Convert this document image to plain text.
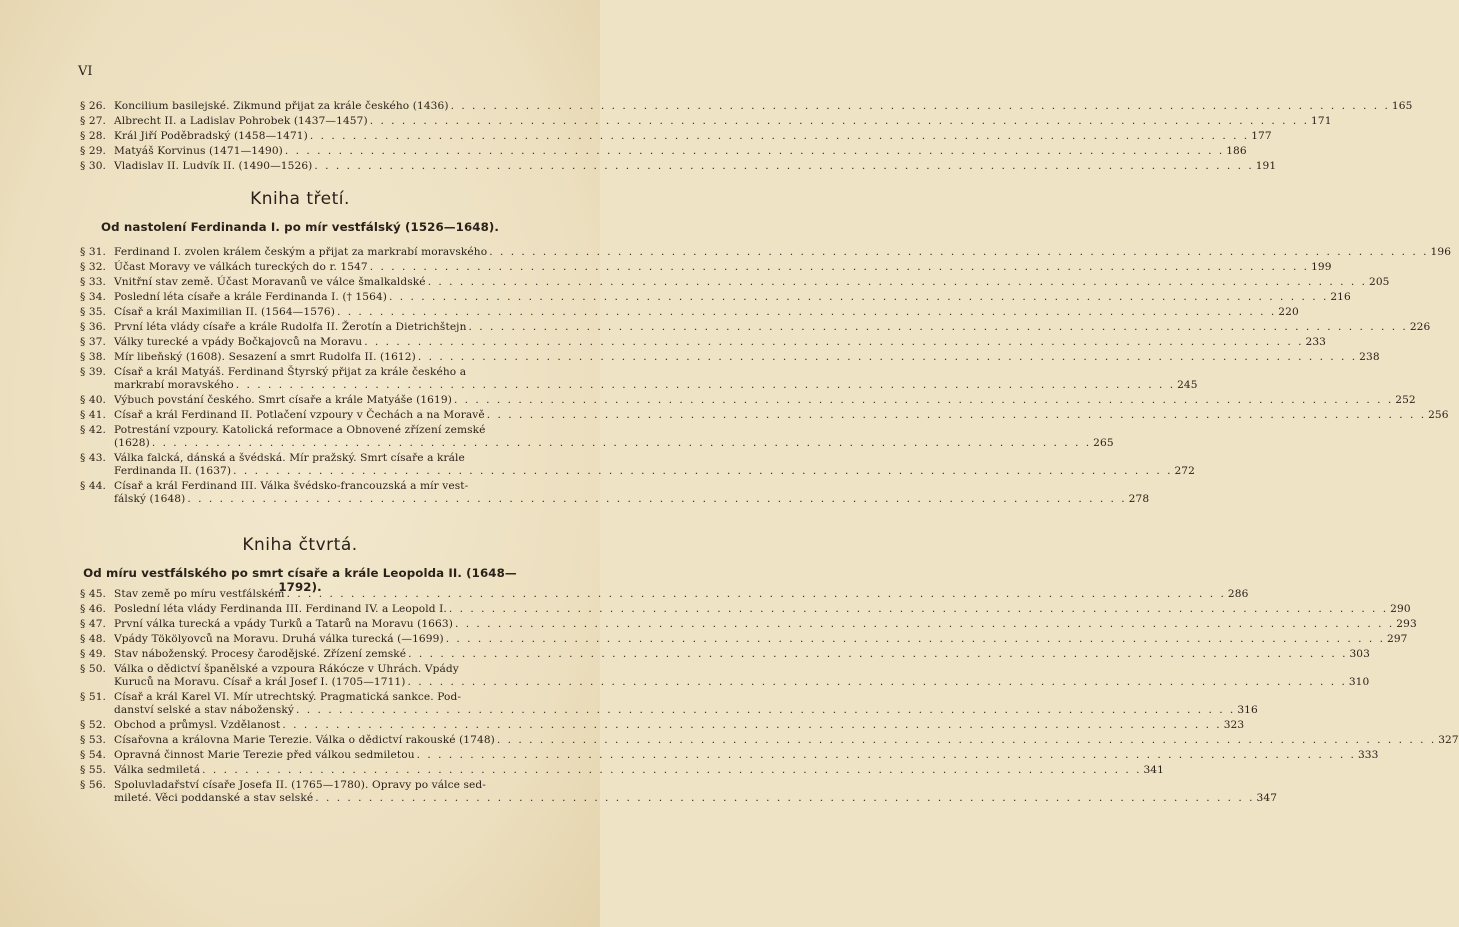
VI
§ 26. Koncilium basilejské. Zikmund přijat za krále českého (1436) . . .	165
§ 27. Albrecht II. a Ladislav Pohrobek (1437—1457) . . .	171
§ 28. Král Jiří Poděbradský (1458—1471) . . .	177
§ 29. Matyáš Korvinus (1471—1490) . . .	186
§ 30. Vladislav II. Ludvík II. (1490—1526) . . .	191
Kniha třetí.
Od nastolení Ferdinanda I. po mír vestfálský (1526—1648).
§ 31. Ferdinand I. zvolen králem českým a přijat za markrabí moravského . . .	196
§ 32. Účast Moravy ve válkách tureckých do r. 1547 . . .	199
§ 33. Vnitřní stav země. Účast Moravanů ve válce šmalkaldské . . .	205
§ 34. Poslední léta císaře a krále Ferdinanda I. († 1564) . . .	216
§ 35. Císař a král Maximilian II. (1564—1576) . . .	220
§ 36. První léta vlády císaře a krále Rudolfa II. Žerotín a Dietrichštejn . . .	226
§ 37. Války turecké a vpády Bočkajovců na Moravu . . .	233
§ 38. Mír libeňský (1608). Sesazení a smrt Rudolfa II. (1612) . . .	238
§ 39. Císař a král Matyáš. Ferdinand Štyrský přijat za krále českého a
markrabí moravského . . .	245
§ 40. Výbuch povstání českého. Smrt císaře a krále Matyáše (1619) . . .	252
§ 41. Císař a král Ferdinand II. Potlačení vzpoury v Čechách a na Moravě . . .	256
§ 42. Potrestání vzpoury. Katolická reformace a Obnovené zřízení zemské
(1628) . . .	265
§ 43. Válka falcká, dánská a švédská. Mír pražský. Smrt císaře a krále
Ferdinanda II. (1637) . . .	272
§ 44. Císař a král Ferdinand III. Válka švédsko-francouzská a mír vest-
fálský (1648) . . .	278
Kniha čtvrtá.
Od míru vestfálského po smrt císaře a krále Leopolda II. (1648—1792).
§ 45. Stav země po míru vestfálském . . .	286
§ 46. Poslední léta vlády Ferdinanda III. Ferdinand IV. a Leopold I. . . .	290
§ 47. První válka turecká a vpády Turků a Tatarů na Moravu (1663) . . .	293
§ 48. Vpády Tökölyovců na Moravu. Druhá válka turecká (—1699) . . .	297
§ 49. Stav náboženský. Procesy čarodějské. Zřízení zemské . . .	303
§ 50. Válka o dědictví španělské a vzpoura Rákócze v Uhrách. Vpády
Kuruců na Moravu. Císař a král Josef I. (1705—1711) . . .	310
§ 51. Císař a král Karel VI. Mír utrechtský. Pragmatická sankce. Pod-
danství selské a stav náboženský . . .	316
§ 52. Obchod a průmysl. Vzdělanost . . .	323
§ 53. Císařovna a královna Marie Terezie. Válka o dědictví rakouské (1748) . . .	327
§ 54. Opravná činnost Marie Terezie před válkou sedmiletou . . .	333
§ 55. Válka sedmiletá . . .	341
§ 56. Spoluvladařství císaře Josefa II. (1765—1780). Opravy po válce sed-
mileté. Věci poddanské a stav selské . . .	347
